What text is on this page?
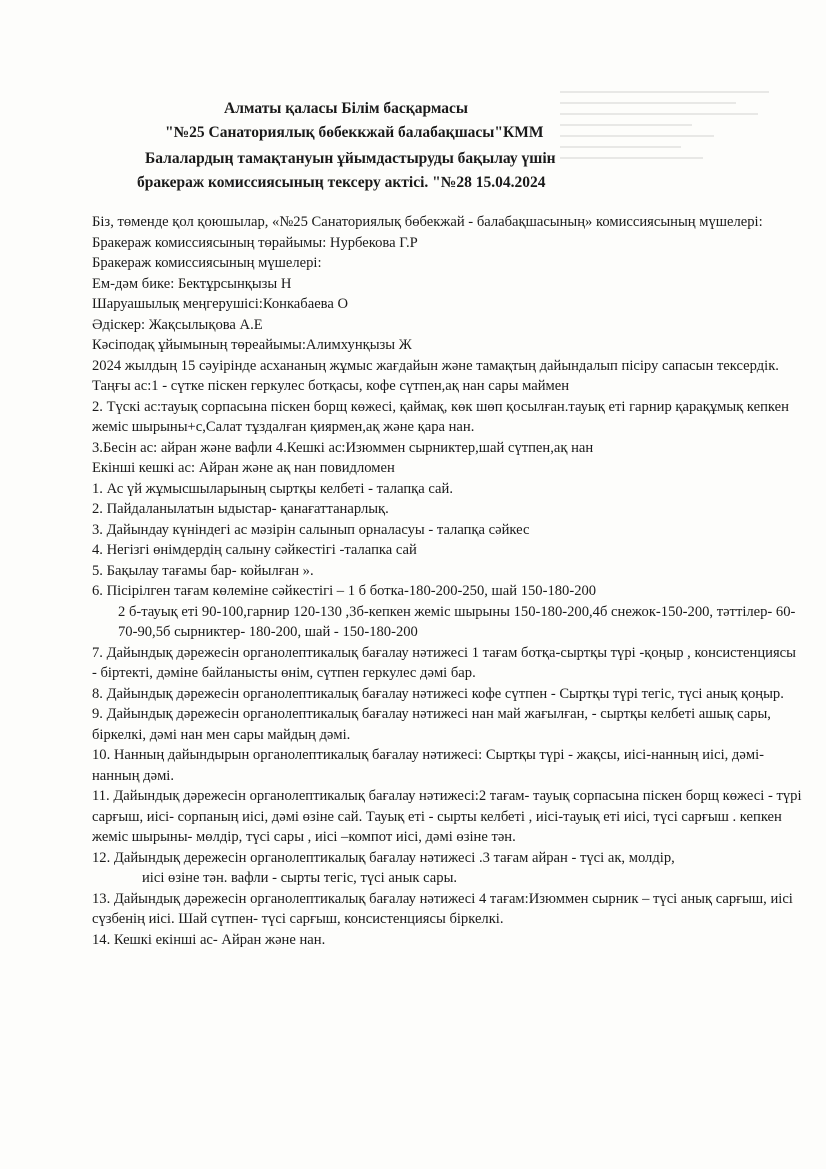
Алматы қаласы Білім басқармасы
"№25 Санаториялық бөбеккжай балабақшасы"КММ
Балалардың тамақтануын ұйымдастыруды бақылау үшін
бракераж комиссиясының тексеру актісі. "№28 15.04.2024

Біз, төменде қол қоюшылар, «№25 Санаториялық бөбекжай - балабақшасының» комиссиясының мүшелері:

Бракераж комиссиясының төрайымы: Нурбекова Г.Р

Бракераж комиссиясының мүшелері:

Ем-дәм бике: Бектұрсынқызы Н

Шаруашылық меңгерушісі:Конкабаева О

Әдіскер: Жақсылықова А.Е

Кәсіподақ ұйымының төреайымы:Алимхунқызы Ж

2024 жылдың 15 сәуірінде асхананың жұмыс жағдайын және тамақтың дайындалып пісіру сапасын тексердік.

Таңғы ас:1 - сүтке піскен геркулес ботқасы, кофе сүтпен,ақ нан сары маймен

2. Түскі ас:тауық сорпасына піскен борщ көжесі, қаймақ, көк шөп қосылған.тауық еті гарнир қарақұмық кепкен жеміс шырыны+с,Салат тұздалған қиярмен,ақ және қара нан.

3.Бесін ас: айран және вафли 4.Кешкі ас:Изюммен сырниктер,шай сүтпен,ақ нан

Екінші кешкі ас: Айран және ақ нан повидломен

1. Ас үй жұмысшыларының сыртқы келбеті - талапқа сай.

2. Пайдаланылатын ыдыстар- қанағаттанарлық.

3. Дайындау күніндегі ас мәзірін салынып орналасуы - талапқа сәйкес

4. Негізгі өнімдердің салыну сәйкестігі -талапка сай

5. Бақылау тағамы бар- койылған ».

6. Пісірілген тағам көлеміне сәйкестігі – 1 б ботка-180-200-250, шай 150-180-200

2 б-тауық еті 90-100,гарнир 120-130 ,3б-кепкен жеміс шырыны 150-180-200,4б снежок-150-200, тәттілер- 60-70-90,5б сырниктер- 180-200, шай - 150-180-200

7. Дайындық дәрежесін органолептикалық бағалау нәтижесі 1 тағам ботқа-сыртқы түрі -қоңыр , консистенциясы - біртекті, дәміне байланысты өнім, сүтпен геркулес дәмі бар.

8. Дайындық дәрежесін органолептикалық бағалау нәтижесі кофе сүтпен - Сыртқы түрі тегіс, түсі анық қоңыр.

9. Дайындық дәрежесін органолептикалық бағалау нәтижесі нан май жағылған, - сыртқы келбеті ашық сары, біркелкі, дәмі нан мен сары майдың дәмі.

10. Нанның дайындырын органолептикалық бағалау нәтижесі: Сыртқы түрі - жақсы, иісі-нанның иісі, дәмі-нанның дәмі.

11. Дайындық дәрежесін органолептикалық бағалау нәтижесі:2 тағам- тауық сорпасына піскен борщ көжесі - түрі сарғыш, иісі- сорпаның иісі, дәмі өзіне сай. Тауық еті - сырты келбеті , иісі-тауық еті иісі, түсі сарғыш . кепкен жеміс шырыны- мөлдір, түсі сары , иісі –компот иісі, дәмі өзіне тән.

12. Дайындық дережесін органолептикалық бағалау нәтижесі .3 тағам айран - түсі ак, молдір,

иісі өзіне тән. вафли - сырты тегіс, түсі анык сары.

13. Дайындық дәрежесін органолептикалық бағалау нәтижесі 4 тағам:Изюммен сырник – түсі анық сарғыш, иісі сүзбенің иісі. Шай сүтпен- түсі сарғыш, консистенциясы біркелкі.

14. Кешкі екінші ас- Айран және нан.
